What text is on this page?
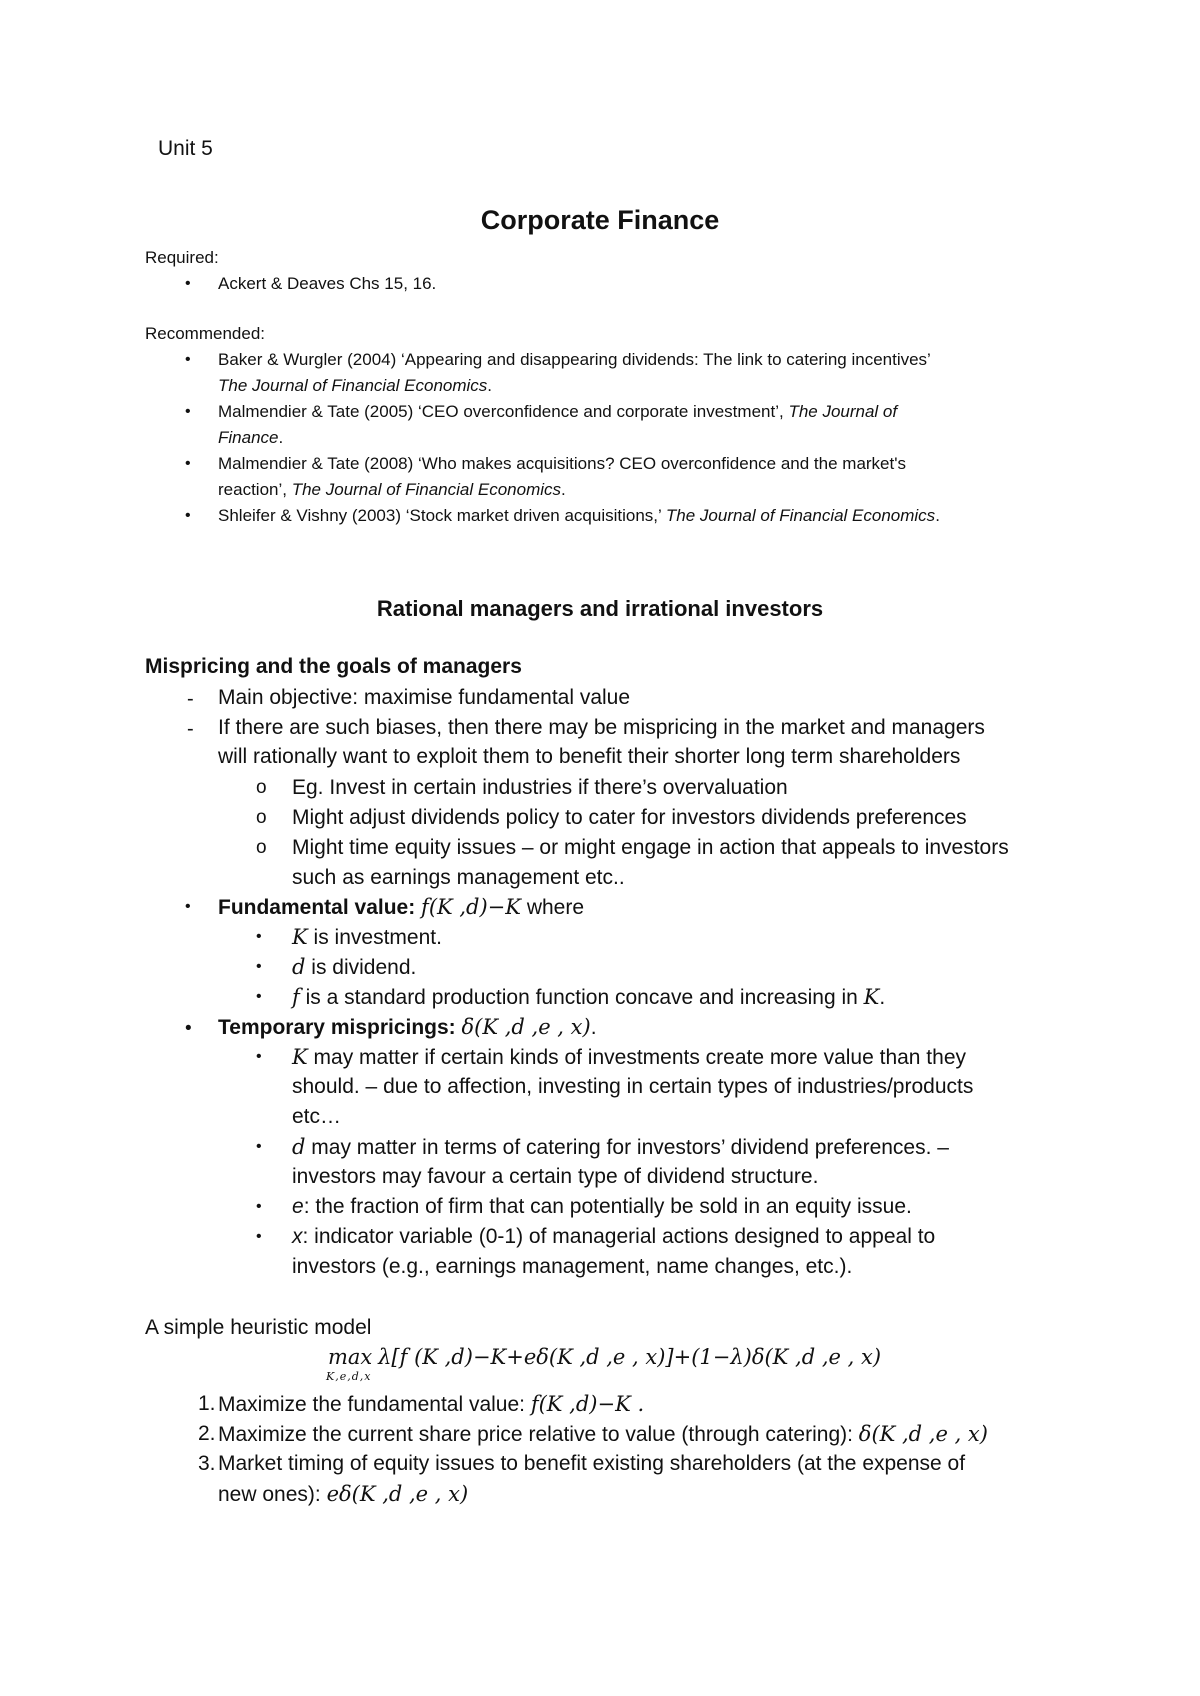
Unit 5
Corporate Finance
Required:
• Ackert & Deaves Chs 15, 16.
Recommended:
• Baker & Wurgler (2004) ‘Appearing and disappearing dividends: The link to catering incentives’
The Journal of Financial Economics.
• Malmendier & Tate (2005) ‘CEO overconfidence and corporate investment’, The Journal of
Finance.
• Malmendier & Tate (2008) ‘Who makes acquisitions? CEO overconfidence and the market's
reaction’, The Journal of Financial Economics.
• Shleifer & Vishny (2003) ‘Stock market driven acquisitions,’ The Journal of Financial Economics.
Rational managers and irrational investors
Mispricing and the goals of managers
- Main objective: maximise fundamental value
- If there are such biases, then there may be mispricing in the market and managers
will rationally want to exploit them to benefit their shorter long term shareholders
o Eg. Invest in certain industries if there’s overvaluation
o Might adjust dividends policy to cater for investors dividends preferences
o Might time equity issues – or might engage in action that appeals to investors
such as earnings management etc..
• Fundamental value: f(K ,d)−K where
• K is investment.
• d is dividend.
• f is a standard production function concave and increasing in K.
• Temporary mispricings: δ(K ,d ,e , x).
• K may matter if certain kinds of investments create more value than they
should. – due to affection, investing in certain types of industries/products
etc…
• d may matter in terms of catering for investors’ dividend preferences. –
investors may favour a certain type of dividend structure.
• e: the fraction of firm that can potentially be sold in an equity issue.
• x: indicator variable (0-1) of managerial actions designed to appeal to
investors (e.g., earnings management, name changes, etc.).
A simple heuristic model
max
K,e,d,x
λ[f (K ,d)−K+eδ(K ,d ,e , x)]+(1−λ)δ(K ,d ,e , x)
1. Maximize the fundamental value: f(K ,d)−K .
2. Maximize the current share price relative to value (through catering): δ(K ,d ,e , x)
3. Market timing of equity issues to benefit existing shareholders (at the expense of
new ones): eδ(K ,d ,e , x)
